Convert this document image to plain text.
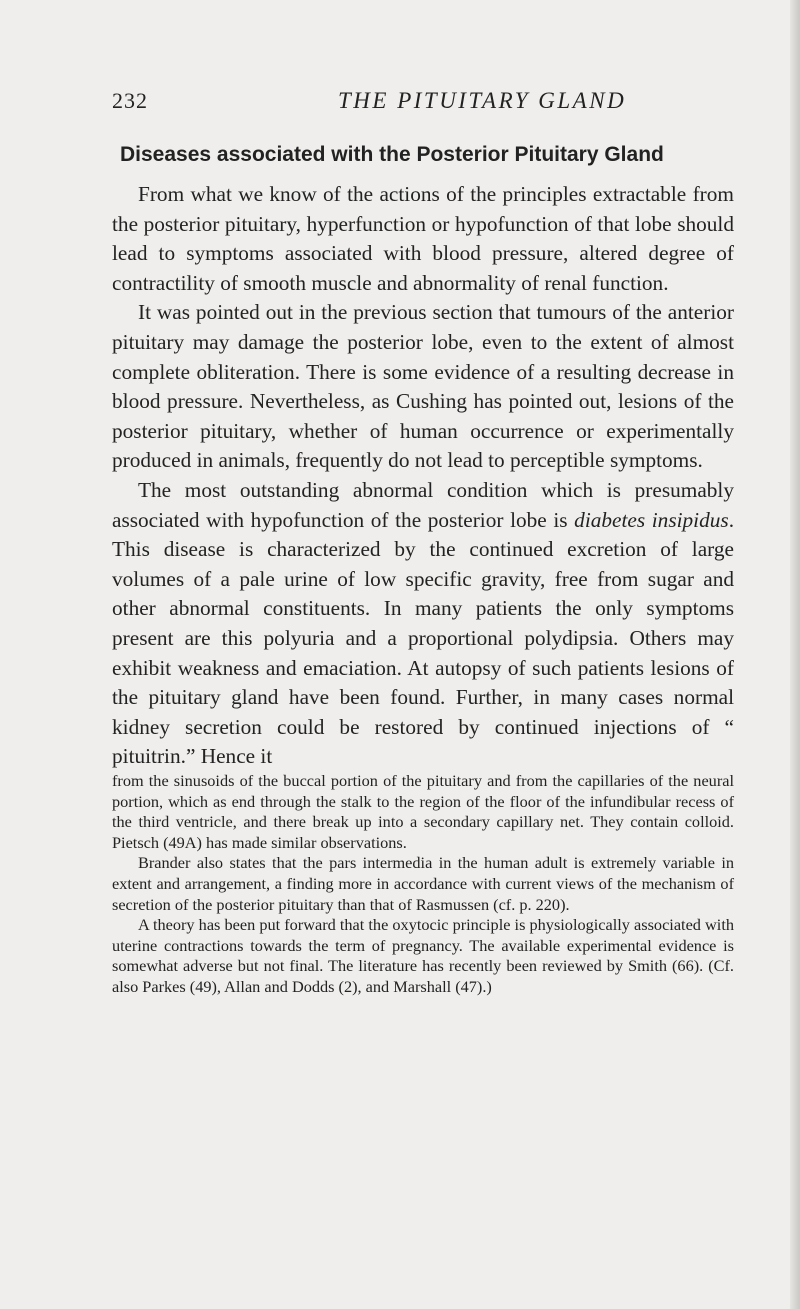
232	THE PITUITARY GLAND
Diseases associated with the Posterior Pituitary Gland

From what we know of the actions of the principles extractable from the posterior pituitary, hyperfunction or hypofunction of that lobe should lead to symptoms associated with blood pressure, altered degree of contractility of smooth muscle and abnormality of renal function.

It was pointed out in the previous section that tumours of the anterior pituitary may damage the posterior lobe, even to the extent of almost complete obliteration. There is some evidence of a resulting decrease in blood pressure. Nevertheless, as Cushing has pointed out, lesions of the posterior pituitary, whether of human occurrence or experimentally produced in animals, frequently do not lead to perceptible symptoms.

The most outstanding abnormal condition which is presumably associated with hypofunction of the posterior lobe is diabetes insipidus. This disease is characterized by the continued excretion of large volumes of a pale urine of low specific gravity, free from sugar and other abnormal constituents. In many patients the only symptoms present are this polyuria and a proportional polydipsia. Others may exhibit weakness and emaciation. At autopsy of such patients lesions of the pituitary gland have been found. Further, in many cases normal kidney secretion could be restored by continued injections of “ pituitrin.” Hence it

from the sinusoids of the buccal portion of the pituitary and from the capillaries of the neural portion, which as end through the stalk to the region of the floor of the infundibular recess of the third ventricle, and there break up into a secondary capillary net. They contain colloid. Pietsch (49A) has made similar observations.

Brander also states that the pars intermedia in the human adult is extremely variable in extent and arrangement, a finding more in accordance with current views of the mechanism of secretion of the posterior pituitary than that of Rasmussen (cf. p. 220).

A theory has been put forward that the oxytocic principle is physiologically associated with uterine contractions towards the term of pregnancy. The available experimental evidence is somewhat adverse but not final. The literature has recently been reviewed by Smith (66). (Cf. also Parkes (49), Allan and Dodds (2), and Marshall (47).)
